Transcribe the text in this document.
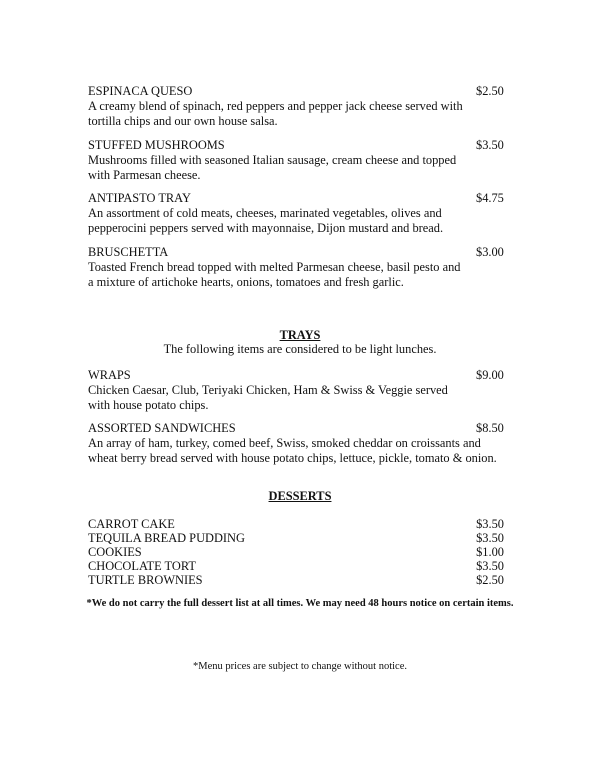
ESPINACA QUESO	$2.50
A creamy blend of spinach, red peppers and pepper jack cheese served with tortilla chips and our own house salsa.
STUFFED MUSHROOMS	$3.50
Mushrooms filled with seasoned Italian sausage, cream cheese and topped with Parmesan cheese.
ANTIPASTO TRAY	$4.75
An assortment of cold meats, cheeses, marinated vegetables, olives and pepperocini peppers served with mayonnaise, Dijon mustard and bread.
BRUSCHETTA	$3.00
Toasted French bread topped with melted Parmesan cheese, basil pesto and a mixture of artichoke hearts, onions, tomatoes and fresh garlic.
TRAYS
The following items are considered to be light lunches.
WRAPS	$9.00
Chicken Caesar, Club, Teriyaki Chicken, Ham & Swiss & Veggie served with house potato chips.
ASSORTED SANDWICHES	$8.50
An array of ham, turkey, comed beef, Swiss, smoked cheddar on croissants and wheat berry bread served with house potato chips, lettuce, pickle, tomato & onion.
DESSERTS
CARROT CAKE	$3.50
TEQUILA BREAD PUDDING	$3.50
COOKIES	$1.00
CHOCOLATE TORT	$3.50
TURTLE BROWNIES	$2.50
*We do not carry the full dessert list at all times. We may need 48 hours notice on certain items.
*Menu prices are subject to change without notice.
